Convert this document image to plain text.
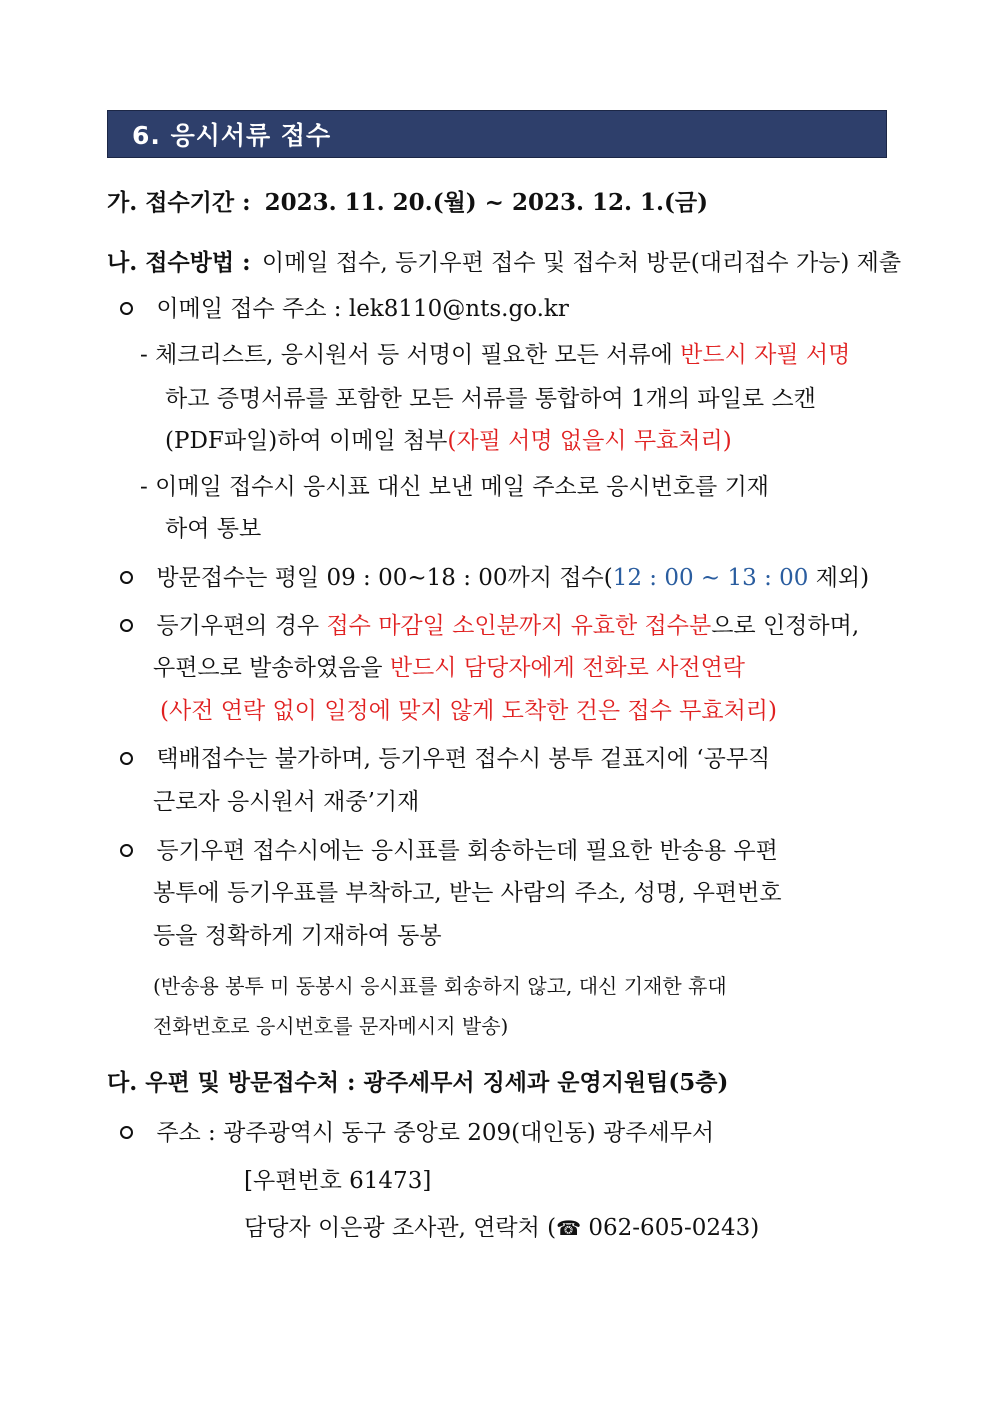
6. 응시서류 접수
가. 접수기간 : 2023. 11. 20.(월) ~ 2023. 12. 1.(금)
나. 접수방법 : 이메일 접수, 등기우편 접수 및 접수처 방문(대리접수 가능) 제출
이메일 접수 주소 : lek8110@nts.go.kr
- 체크리스트, 응시원서 등 서명이 필요한 모든 서류에 반드시 자필 서명
하고 증명서류를 포함한 모든 서류를 통합하여 1개의 파일로 스캔
(PDF파일)하여 이메일 첨부(자필 서명 없을시 무효처리)
- 이메일 접수시 응시표 대신 보낸 메일 주소로 응시번호를 기재
하여 통보
방문접수는 평일 09 : 00∼18 : 00까지 접수(12 : 00 ∼ 13 : 00 제외)
등기우편의 경우 접수 마감일 소인분까지 유효한 접수분으로 인정하며,
우편으로 발송하였음을 반드시 담당자에게 전화로 사전연락
(사전 연락 없이 일정에 맞지 않게 도착한 건은 접수 무효처리)
택배접수는 불가하며, 등기우편 접수시 봉투 겉표지에 ‘공무직
근로자 응시원서 재중’기재
등기우편 접수시에는 응시표를 회송하는데 필요한 반송용 우편
봉투에 등기우표를 부착하고, 받는 사람의 주소, 성명, 우편번호
등을 정확하게 기재하여 동봉
(반송용 봉투 미 동봉시 응시표를 회송하지 않고, 대신 기재한 휴대
전화번호로 응시번호를 문자메시지 발송)
다. 우편 및 방문접수처 : 광주세무서 징세과 운영지원팀(5층)
주소 : 광주광역시 동구 중앙로 209(대인동) 광주세무서
[우편번호 61473]
담당자 이은광 조사관, 연락처 (☎ 062-605-0243)
